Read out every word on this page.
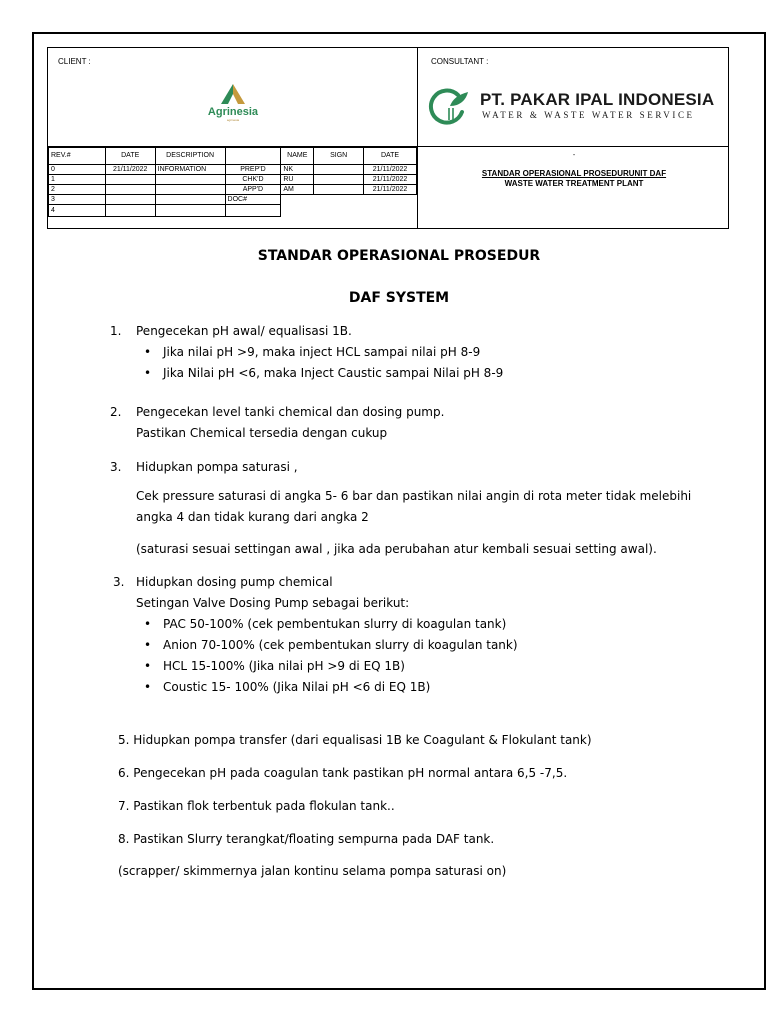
CLIENT :	CONSULTANT :
Agrinesia
agrinesia
PT. PAKAR IPAL INDONESIA
WATER & WASTE WATER SERVICE
REV.#	DATE	DESCRIPTION		NAME	SIGN	DATE
0	21/11/2022	INFORMATION	PREP'D	NK		21/11/2022
1			CHK'D	RU		21/11/2022
2			APP'D	AM		21/11/2022
3			DOC#			
4						
-
STANDAR OPERASIONAL PROSEDURUNIT DAF
WASTE WATER TREATMENT PLANT
STANDAR OPERASIONAL PROSEDUR
DAF SYSTEM
1. Pengecekan pH awal/ equalisasi 1B.
• Jika nilai pH >9, maka inject HCL sampai nilai pH 8-9
• Jika Nilai pH <6, maka Inject Caustic sampai Nilai pH 8-9
2. Pengecekan level tanki chemical dan dosing pump.
Pastikan Chemical tersedia dengan cukup
3. Hidupkan pompa saturasi ,
Cek pressure saturasi di angka 5- 6 bar dan pastikan nilai angin di rota meter tidak melebihi
angka 4 dan tidak kurang dari angka 2
(saturasi sesuai settingan awal , jika ada perubahan atur kembali sesuai setting awal).
3. Hidupkan dosing pump chemical
Setingan Valve Dosing Pump sebagai berikut:
• PAC 50-100% (cek pembentukan slurry di koagulan tank)
• Anion 70-100% (cek pembentukan slurry di koagulan tank)
• HCL 15-100% (Jika nilai pH >9 di EQ 1B)
• Coustic 15- 100% (Jika Nilai pH <6 di EQ 1B)
5. Hidupkan pompa transfer (dari equalisasi 1B ke Coagulant & Flokulant tank)
6. Pengecekan pH pada coagulan tank pastikan pH normal antara 6,5 -7,5.
7. Pastikan flok terbentuk pada flokulan tank..
8. Pastikan Slurry terangkat/floating sempurna pada DAF tank.
(scrapper/ skimmernya jalan kontinu selama pompa saturasi on)
